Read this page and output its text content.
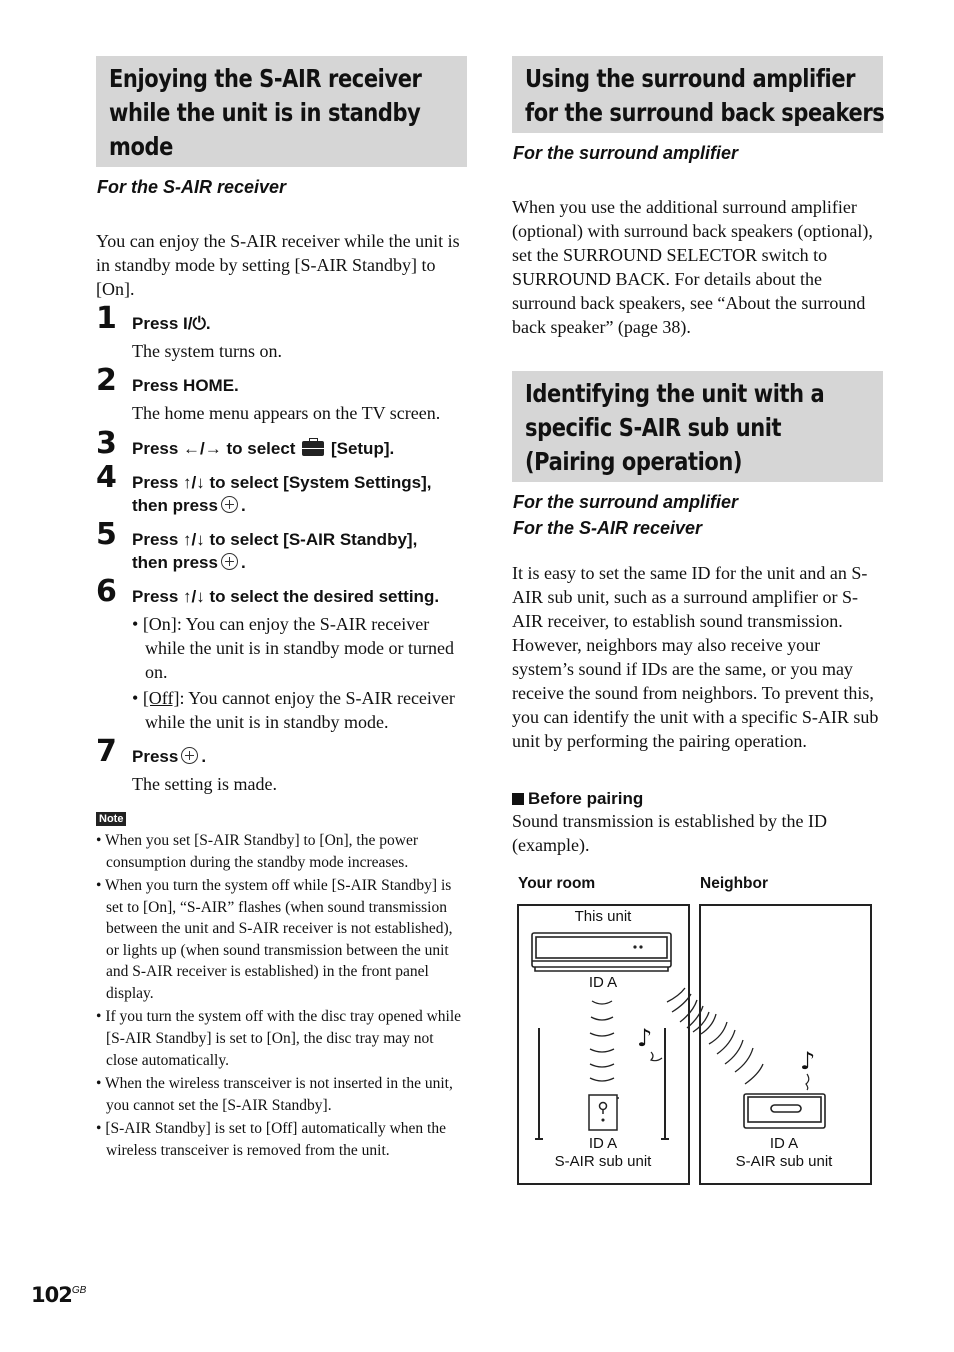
Enjoying the S-AIR receiver
while the unit is in standby
mode
For the S-AIR receiver
You can enjoy the S-AIR receiver while the unit is in standby mode by setting [S-AIR Standby] to [On].
1 Press I/⏻.
The system turns on.
2 Press HOME.
The home menu appears on the TV screen.
3 Press ←/→ to select [Setup].
4 Press ↑/↓ to select [System Settings],
then press .
5 Press ↑/↓ to select [S-AIR Standby],
then press .
6 Press ↑/↓ to select the desired setting.

• [On]: You can enjoy the S-AIR receiver while the unit is in standby mode or turned on.

• [Off]: You cannot enjoy the S-AIR receiver while the unit is in standby mode.

7 Press .
The setting is made.
Note

• When you set [S-AIR Standby] to [On], the power consumption during the standby mode increases.

• When you turn the system off while [S-AIR Standby] is set to [On], “S-AIR” flashes (when sound transmission between the unit and S-AIR receiver is not established), or lights up (when sound transmission between the unit and S-AIR receiver is established) in the front panel display.

• If you turn the system off with the disc tray opened while [S-AIR Standby] is set to [On], the disc tray may not close automatically.

• When the wireless transceiver is not inserted in the unit, you cannot set the [S-AIR Standby].

• [S-AIR Standby] is set to [Off] automatically when the wireless transceiver is removed from the unit.

Using the surround amplifier
for the surround back speakers
For the surround amplifier
When you use the additional surround amplifier (optional) with surround back speakers (optional), set the SURROUND SELECTOR switch to SURROUND BACK. For details about the surround back speakers, see “About the surround back speaker” (page 38).
Identifying the unit with a
specific S-AIR sub unit
(Pairing operation)
For the surround amplifier
For the S-AIR receiver
It is easy to set the same ID for the unit and an S-AIR sub unit, such as a surround amplifier or S-AIR receiver, to establish sound transmission. However, neighbors may also receive your system’s sound if IDs are the same, or you may receive the sound from neighbors. To prevent this, you can identify the unit with a specific S-AIR sub unit by performing the pairing operation.
Before pairing
Sound transmission is established by the ID (example).
Your room	Neighbor
This unit
ID A
ID A
S-AIR sub unit
ID A
S-AIR sub unit
♪
♪
$102^{GB}$
